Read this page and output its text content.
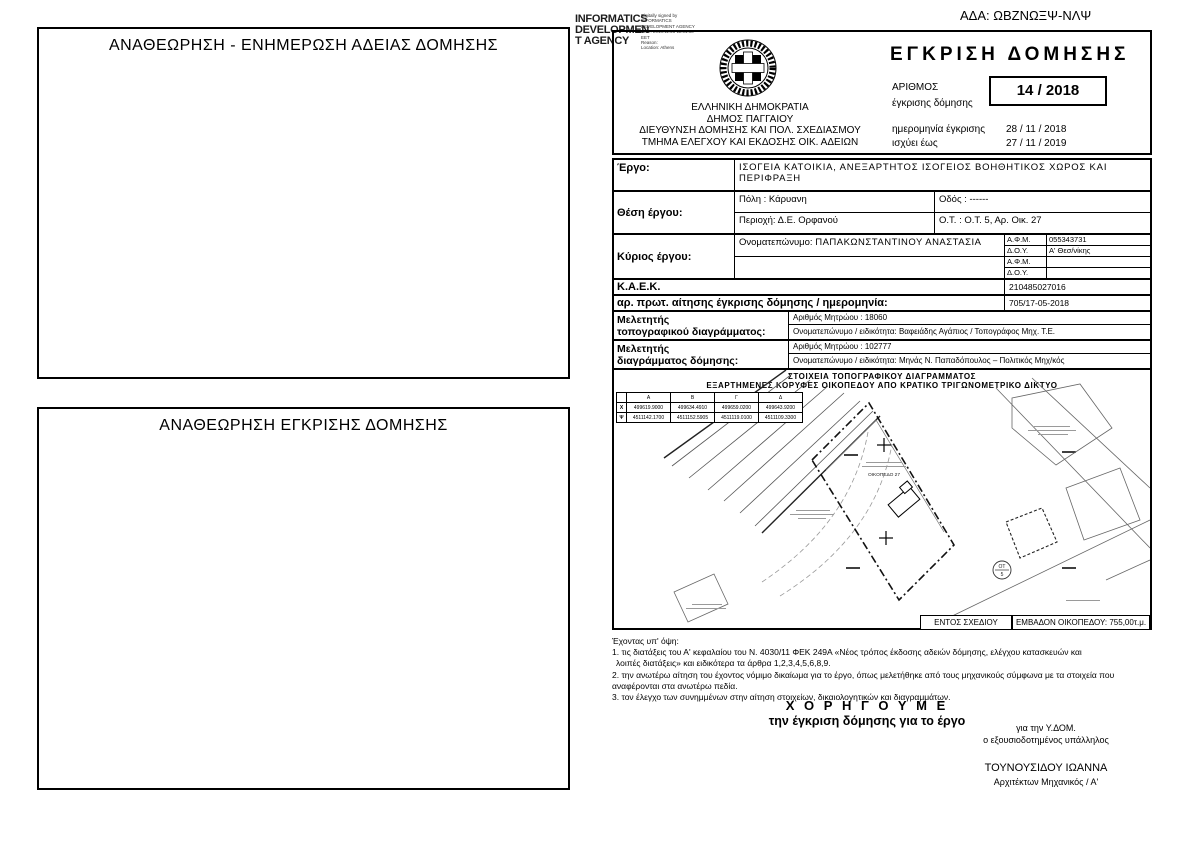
ΑΔΑ: ΩΒΖΝΩΞΨ-ΝΛΨ
ΑΝΑΘΕΩΡΗΣΗ - ΕΝΗΜΕΡΩΣΗ ΑΔΕΙΑΣ ΔΟΜΗΣΗΣ
ΑΝΑΘΕΩΡΗΣΗ ΕΓΚΡΙΣΗΣ ΔΟΜΗΣΗΣ
INFORMATICS
DEVELOPMEN
T AGENCY
Digitally signed by
INFORMATICS
DEVELOPMENT AGENCY
Date: 2018.11.28 11:51:38
EET
Reason:
Location: Athens
ΕΛΛΗΝΙΚΗ ΔΗΜΟΚΡΑΤΙΑ
ΔΗΜΟΣ ΠΑΓΓΑΙΟΥ
ΔΙΕΥΘΥΝΣΗ ΔΟΜΗΣΗΣ ΚΑΙ ΠΟΛ. ΣΧΕΔΙΑΣΜΟΥ
ΤΜΗΜΑ ΕΛΕΓΧΟΥ ΚΑΙ ΕΚΔΟΣΗΣ ΟΙΚ. ΑΔΕΙΩΝ
ΕΓΚΡΙΣΗ ΔΟΜΗΣΗΣ
ΑΡΙΘΜΟΣ
έγκρισης δόμησης
14 / 2018
ημερομηνία έγκρισης 28 / 11 / 2018
ισχύει έως	27 / 11 / 2019
Έργο:	ΙΣΟΓΕΙΑ ΚΑΤΟΙΚΙΑ, ΑΝΕΞΑΡΤΗΤΟΣ ΙΣΟΓΕΙΟΣ ΒΟΗΘΗΤΙΚΟΣ ΧΩΡΟΣ ΚΑΙ ΠΕΡΙΦΡΑΞΗ
Θέση έργου:
Πόλη : Κάρυανη	Οδός : ------
Περιοχή: Δ.Ε. Ορφανού	Ο.Τ. : Ο.Τ. 5, Αρ. Οικ. 27
Κύριος έργου:
Ονοματεπώνυμο: ΠΑΠΑΚΩΝΣΤΑΝΤΙΝΟΥ ΑΝΑΣΤΑΣΙΑ	Α.Φ.Μ.	055343731
Δ.Ο.Υ.	Α' Θεσ/νίκης
Α.Φ.Μ.
Δ.Ο.Υ.
Κ.Α.Ε.Κ.	210485027016
αρ. πρωτ. αίτησης έγκρισης δόμησης / ημερομηνία:	705/17-05-2018
Μελετητής
τοπογραφικού διαγράμματος:
Αριθμός Μητρώου : 18060
Ονοματεπώνυμο / ειδικότητα: Βαφειάδης Αγάπιος / Τοπογράφος Μηχ. Τ.Ε.
Μελετητής
διαγράμματος δόμησης:
Αριθμός Μητρώου : 102777
Ονοματεπώνυμο / ειδικότητα: Μηνάς Ν. Παπαδόπουλος – Πολιτικός Μηχ/κός
ΣΤΟΙΧΕΙΑ ΤΟΠΟΓΡΑΦΙΚΟΥ ΔΙΑΓΡΑΜΜΑΤΟΣ
ΕΞΑΡΤΗΜΕΝΕΣ ΚΟΡΥΦΕΣ ΟΙΚΟΠΕΔΟΥ ΑΠΟ ΚΡΑΤΙΚΟ ΤΡΙΓΩΝΟΜΕΤΡΙΚΟ ΔΙΚΤΥΟ
	Α	Β	Γ	Δ
Χ	499619.9000	499634.4910	499659.0200	499643.9200
Ψ	4511142.1700	4511152.5905	4511119.0100	4511109.3300
ΟΙΚΟΠΕΔΟ 27
ΟΤ
5
ΕΝΤΟΣ ΣΧΕΔΙΟΥ	ΕΜΒΑΔΟΝ ΟΙΚΟΠΕΔΟΥ: 755,00τ.μ.
Έχοντας υπ' όψη:
1. τις διατάξεις του Α' κεφαλαίου του Ν. 4030/11 ΦΕΚ 249Α «Νέος τρόπος έκδοσης αδειών δόμησης, ελέγχου κατασκευών και
λοιπές διατάξεις» και ειδικότερα τα άρθρα 1,2,3,4,5,6,8,9.
2. την ανωτέρω αίτηση του έχοντος νόμιμο δικαίωμα για το έργο, όπως μελετήθηκε από τους μηχανικούς σύμφωνα με τα στοιχεία που
αναφέρονται στα ανωτέρω πεδία.
3. τον έλεγχο των συνημμένων στην αίτηση στοιχείων, δικαιολογητικών και διαγραμμάτων.
Χ Ο Ρ Η Γ Ο Υ Μ Ε
την έγκριση δόμησης για το έργο	για την Υ.ΔΟΜ.
ο εξουσιοδοτημένος υπάλληλος
ΤΟΥΝΟΥΣΙΔΟΥ ΙΩΑΝΝΑ
Αρχιτέκτων Μηχανικός / Α'
